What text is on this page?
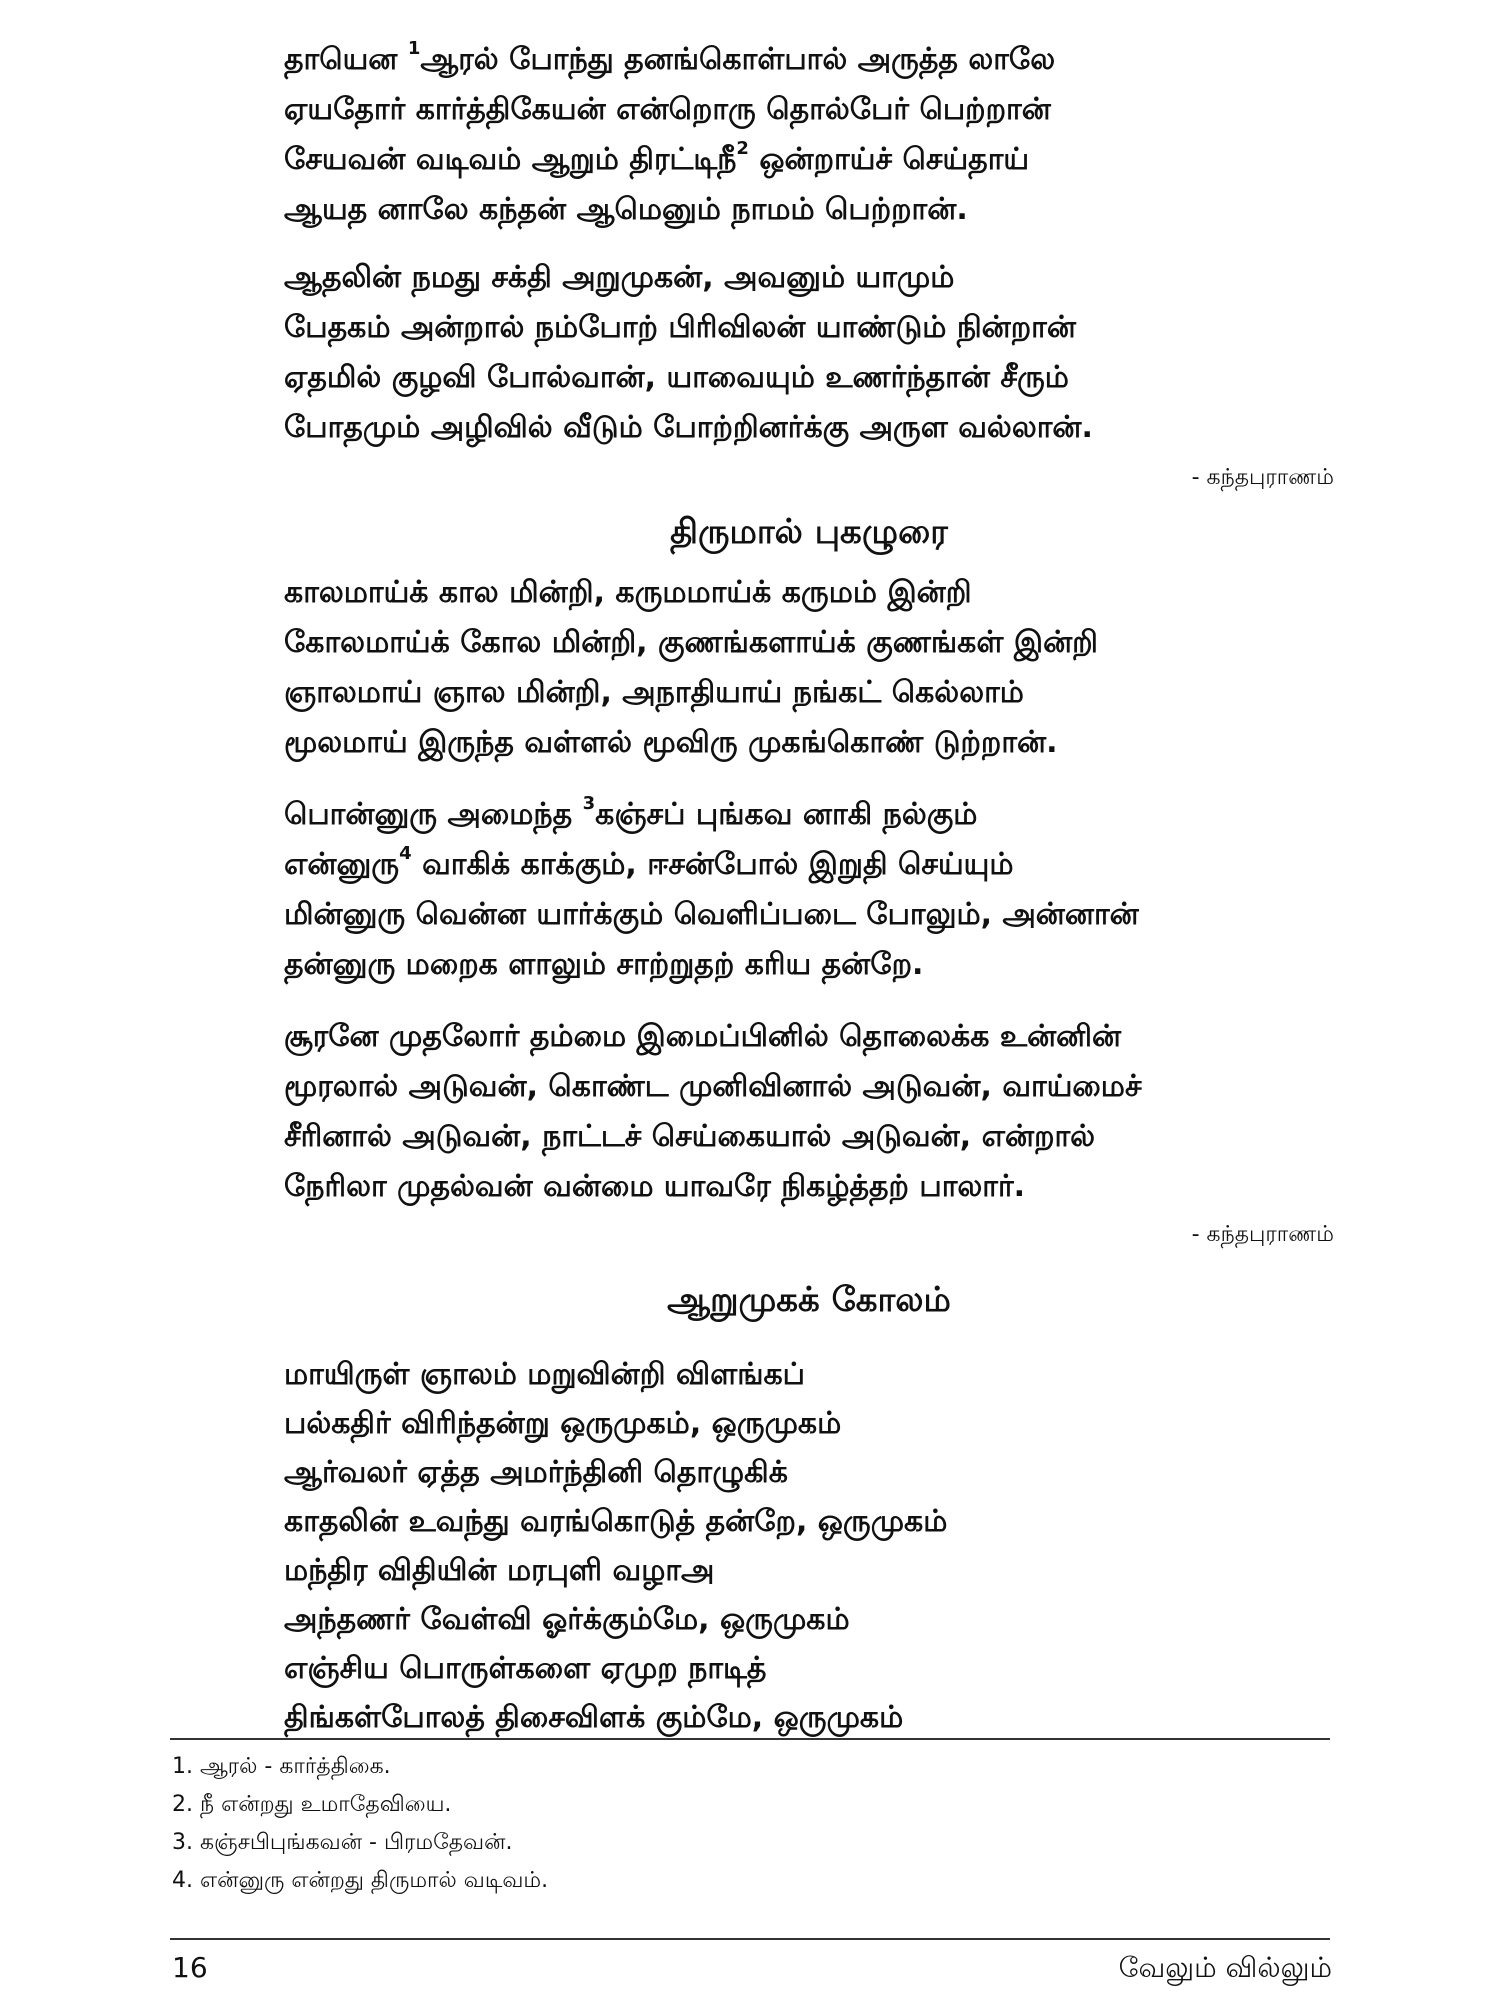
தாயென $^1$ஆரல் போந்து தனங்கொள்பால் அருத்த லாலே
ஏயதோர் கார்த்திகேயன் என்றொரு தொல்பேர் பெற்றான்
சேயவன் வடிவம் ஆறும் திரட்டிநீ$^2$ ஒன்றாய்ச் செய்தாய்
ஆயத னாலே கந்தன் ஆமெனும் நாமம் பெற்றான்.
ஆதலின் நமது சக்தி அறுமுகன், அவனும் யாமும்
பேதகம் அன்றால் நம்போற் பிரிவிலன் யாண்டும் நின்றான்
ஏதமில் குழவி போல்வான், யாவையும் உணர்ந்தான் சீரும்
போதமும் அழிவில் வீடும் போற்றினர்க்கு அருள வல்லான்.
- கந்தபுராணம்
திருமால் புகழுரை
காலமாய்க் கால மின்றி, கருமமாய்க் கருமம் இன்றி
கோலமாய்க் கோல மின்றி, குணங்களாய்க் குணங்கள் இன்றி
ஞாலமாய் ஞால மின்றி, அநாதியாய் நங்கட் கெல்லாம்
மூலமாய் இருந்த வள்ளல் மூவிரு முகங்கொண் டுற்றான்.
பொன்னுரு அமைந்த $^3$கஞ்சப் புங்கவ னாகி நல்கும்
என்னுரு$^4$ வாகிக் காக்கும், ஈசன்போல் இறுதி செய்யும்
மின்னுரு வென்ன யார்க்கும் வெளிப்படை போலும், அன்னான்
தன்னுரு மறைக ளாலும் சாற்றுதற் கரிய தன்றே.
சூரனே முதலோர் தம்மை இமைப்பினில் தொலைக்க உன்னின்
மூரலால் அடுவன், கொண்ட முனிவினால் அடுவன், வாய்மைச்
சீரினால் அடுவன், நாட்டச் செய்கையால் அடுவன், என்றால்
நேரிலா முதல்வன் வன்மை யாவரே நிகழ்த்தற் பாலார்.
- கந்தபுராணம்
ஆறுமுகக் கோலம்
மாயிருள் ஞாலம் மறுவின்றி விளங்கப்
பல்கதிர் விரிந்தன்று ஒருமுகம், ஒருமுகம்
ஆர்வலர் ஏத்த அமர்ந்தினி தொழுகிக்
காதலின் உவந்து வரங்கொடுத் தன்றே, ஒருமுகம்
மந்திர விதியின் மரபுளி வழாஅ
அந்தணர் வேள்வி ஓர்க்கும்மே, ஒருமுகம்
எஞ்சிய பொருள்களை ஏமுற நாடித்
திங்கள்போலத் திசைவிளக் கும்மே, ஒருமுகம்
1. ஆரல் - கார்த்திகை.
2. நீ என்றது உமாதேவியை.
3. கஞ்சபிபுங்கவன் - பிரமதேவன்.
4. என்னுரு என்றது திருமால் வடிவம்.
16	வேலும் வில்லும்
